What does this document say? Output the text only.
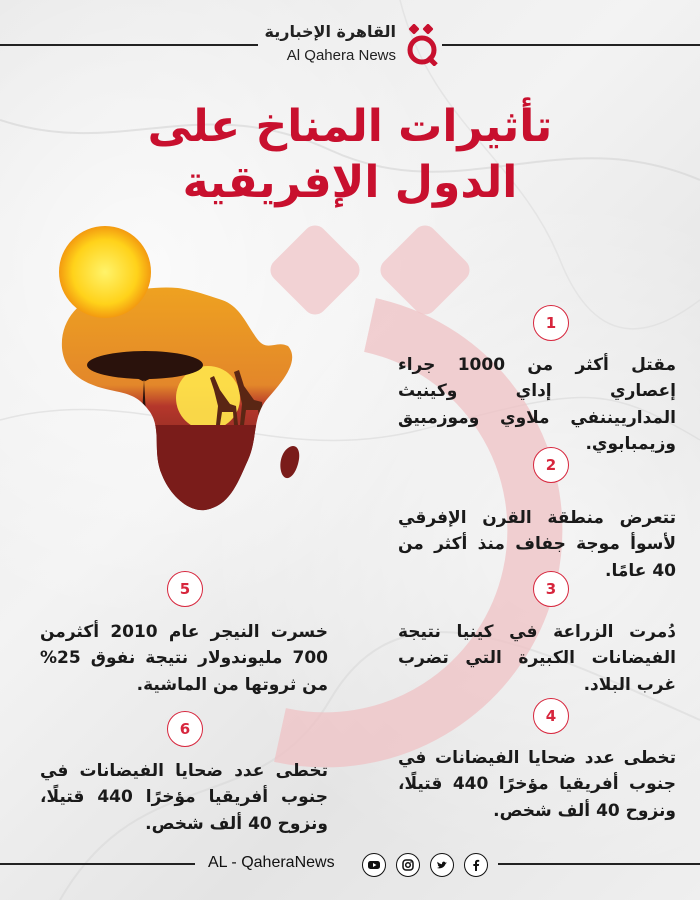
القاهرة الإخبارية
Al Qahera News
تأثيرات المناخ على
الدول الإفريقية
1
مقتل أكثر من 1000 جراء إعصاري إداي وكينيث المدارييننفي ملاوي وموزمبيق وزيمبابوي.
2
تتعرض منطقة القرن الإفرقي لأسوأ موجة جفاف منذ أكثر من 40 عامًا.
3
دُمرت الزراعة في كينيا نتيجة الفيضانات الكبيرة التي تضرب غرب البلاد.
4
تخطى عدد ضحايا الفيضانات في جنوب أفريقيا مؤخرًا 440 قتيلًا، ونزوح 40 ألف شخص.
5
خسرت النيجر عام 2010 أكثرمن 700 مليوندولار نتيجة نفوق 25% من ثروتها من الماشية.
6
تخطى عدد ضحايا الفيضانات في جنوب أفريقيا مؤخرًا 440 قتيلًا، ونزوح 40 ألف شخص.
AL - QaheraNews
